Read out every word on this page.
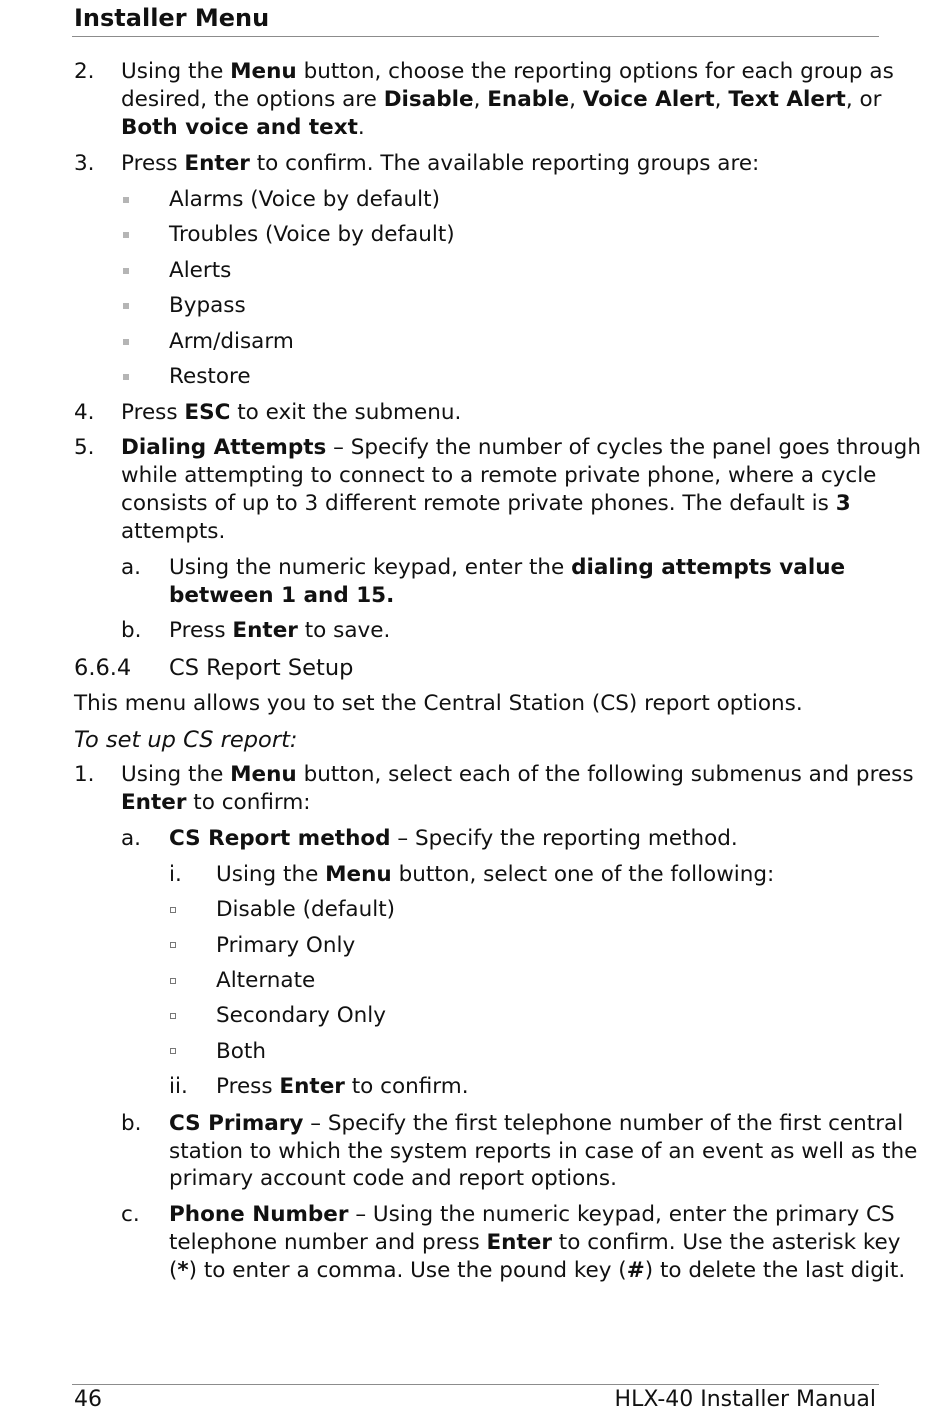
Installer Menu
2. Using the Menu button, choose the reporting options for each group as
desired, the options are Disable, Enable, Voice Alert, Text Alert, or
Both voice and text.
3. Press Enter to confirm. The available reporting groups are:
Alarms (Voice by default)
Troubles (Voice by default)
Alerts
Bypass
Arm/disarm
Restore
4. Press ESC to exit the submenu.
5. Dialing Attempts – Specify the number of cycles the panel goes through
while attempting to connect to a remote private phone, where a cycle
consists of up to 3 different remote private phones. The default is 3
attempts.
a. Using the numeric keypad, enter the dialing attempts value
between 1 and 15.
b. Press Enter to save.
6.6.4 CS Report Setup
This menu allows you to set the Central Station (CS) report options.
To set up CS report:
1. Using the Menu button, select each of the following submenus and press
Enter to confirm:
a. CS Report method – Specify the reporting method.
i. Using the Menu button, select one of the following:
Disable (default)
Primary Only
Alternate
Secondary Only
Both
ii. Press Enter to confirm.
b. CS Primary – Specify the first telephone number of the first central
station to which the system reports in case of an event as well as the
primary account code and report options.
c. Phone Number – Using the numeric keypad, enter the primary CS
telephone number and press Enter to confirm. Use the asterisk key
(*) to enter a comma. Use the pound key (#) to delete the last digit.
46	HLX-40 Installer Manual
